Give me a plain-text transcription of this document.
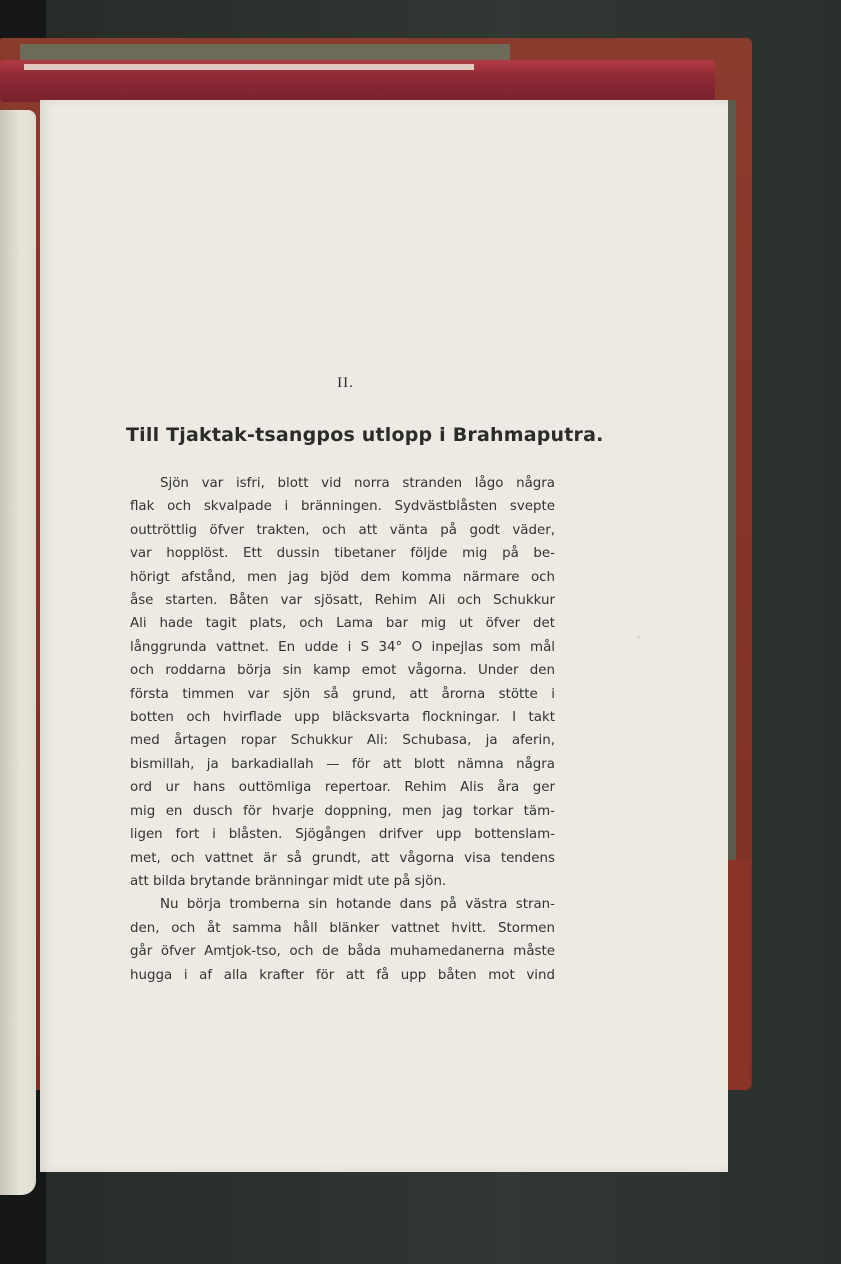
II.
Till Tjaktak-tsangpos utlopp i Brahmaputra.

Sjön var isfri, blott vid norra stranden lågo några
flak och skvalpade i bränningen. Sydvästblåsten svepte
outtröttlig öfver trakten, och att vänta på godt väder,
var hopplöst. Ett dussin tibetaner följde mig på be-
hörigt afstånd, men jag bjöd dem komma närmare och
åse starten. Båten var sjösatt, Rehim Ali och Schukkur
Ali hade tagit plats, och Lama bar mig ut öfver det
långgrunda vattnet. En udde i S 34° O inpejlas som mål
och roddarna börja sin kamp emot vågorna. Under den
första timmen var sjön så grund, att årorna stötte i
botten och hvirflade upp bläcksvarta flockningar. I takt
med årtagen ropar Schukkur Ali: Schubasa, ja aferin,
bismillah, ja barkadiallah — för att blott nämna några
ord ur hans outtömliga repertoar. Rehim Alis åra ger
mig en dusch för hvarje doppning, men jag torkar täm-
ligen fort i blåsten. Sjögången drifver upp bottenslam-
met, och vattnet är så grundt, att vågorna visa tendens
att bilda brytande bränningar midt ute på sjön.

Nu börja tromberna sin hotande dans på västra stran-
den, och åt samma håll blänker vattnet hvitt. Stormen
går öfver Amtjok-tso, och de båda muhamedanerna måste
hugga i af alla krafter för att få upp båten mot vind
